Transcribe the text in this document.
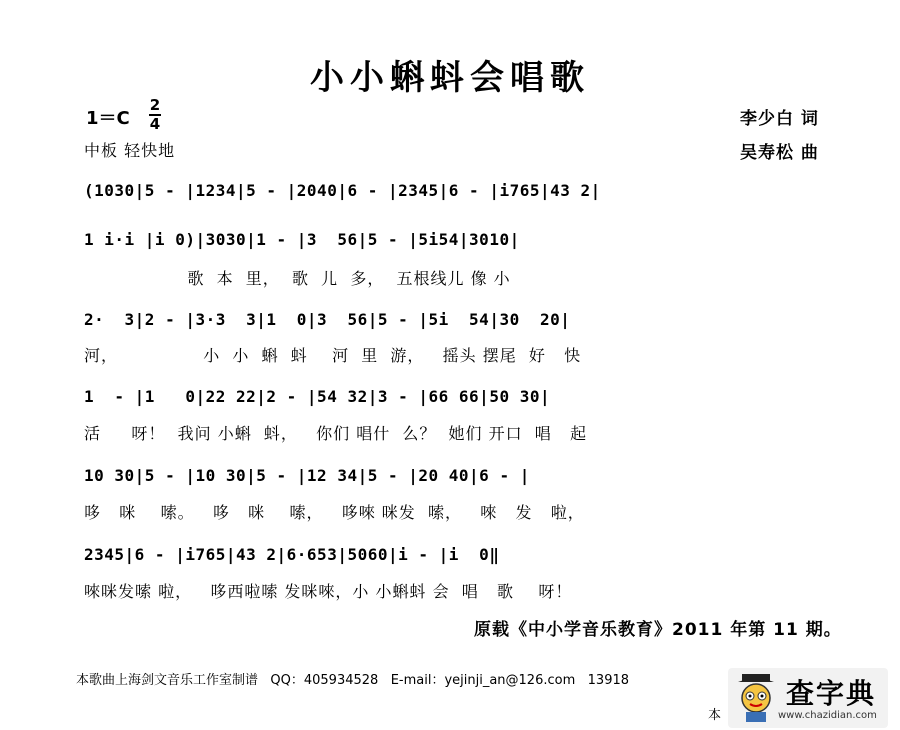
小小蝌蚪会唱歌
1＝C
2
4
中板 轻快地
李少白 词
吴寿松 曲
(1030|5 - |1234|5 - |2040|6 - |2345|6 - |i765|43 2|
1 i·i |i 0)|3030|1 - |3  56|5 - |5i54|3010|
歌  本  里，  歌  儿  多，  五根线儿 像 小
2·  3|2 - |3·3  3|1  0|3  56|5 - |5i  54|30  20|
河，              小  小  蝌  蚪    河  里  游，   摇头 摆尾  好   快
1  - |1   0|22 22|2 - |54 32|3 - |66 66|50 30|
活     呀！  我问 小蝌  蚪，   你们 唱什  么？  她们 开口  唱   起
10 30|5 - |10 30|5 - |12 34|5 - |20 40|6 - |
哆   咪    嗦。   哆   咪    嗦，   哆唻 咪发  嗦，   唻   发   啦，
2345|6 - |i765|43 2|6·653|5060|i - |i  0‖
唻咪发嗦 啦，   哆西啦嗦 发咪唻，小 小蝌蚪 会  唱   歌    呀！
原载《中小学音乐教育》2011 年第 11 期。
本歌曲上海剑文音乐工作室制谱   QQ：405934528   E-mail：yejinji_an@126.com   13918
本
查字典
www.chazidian.com
